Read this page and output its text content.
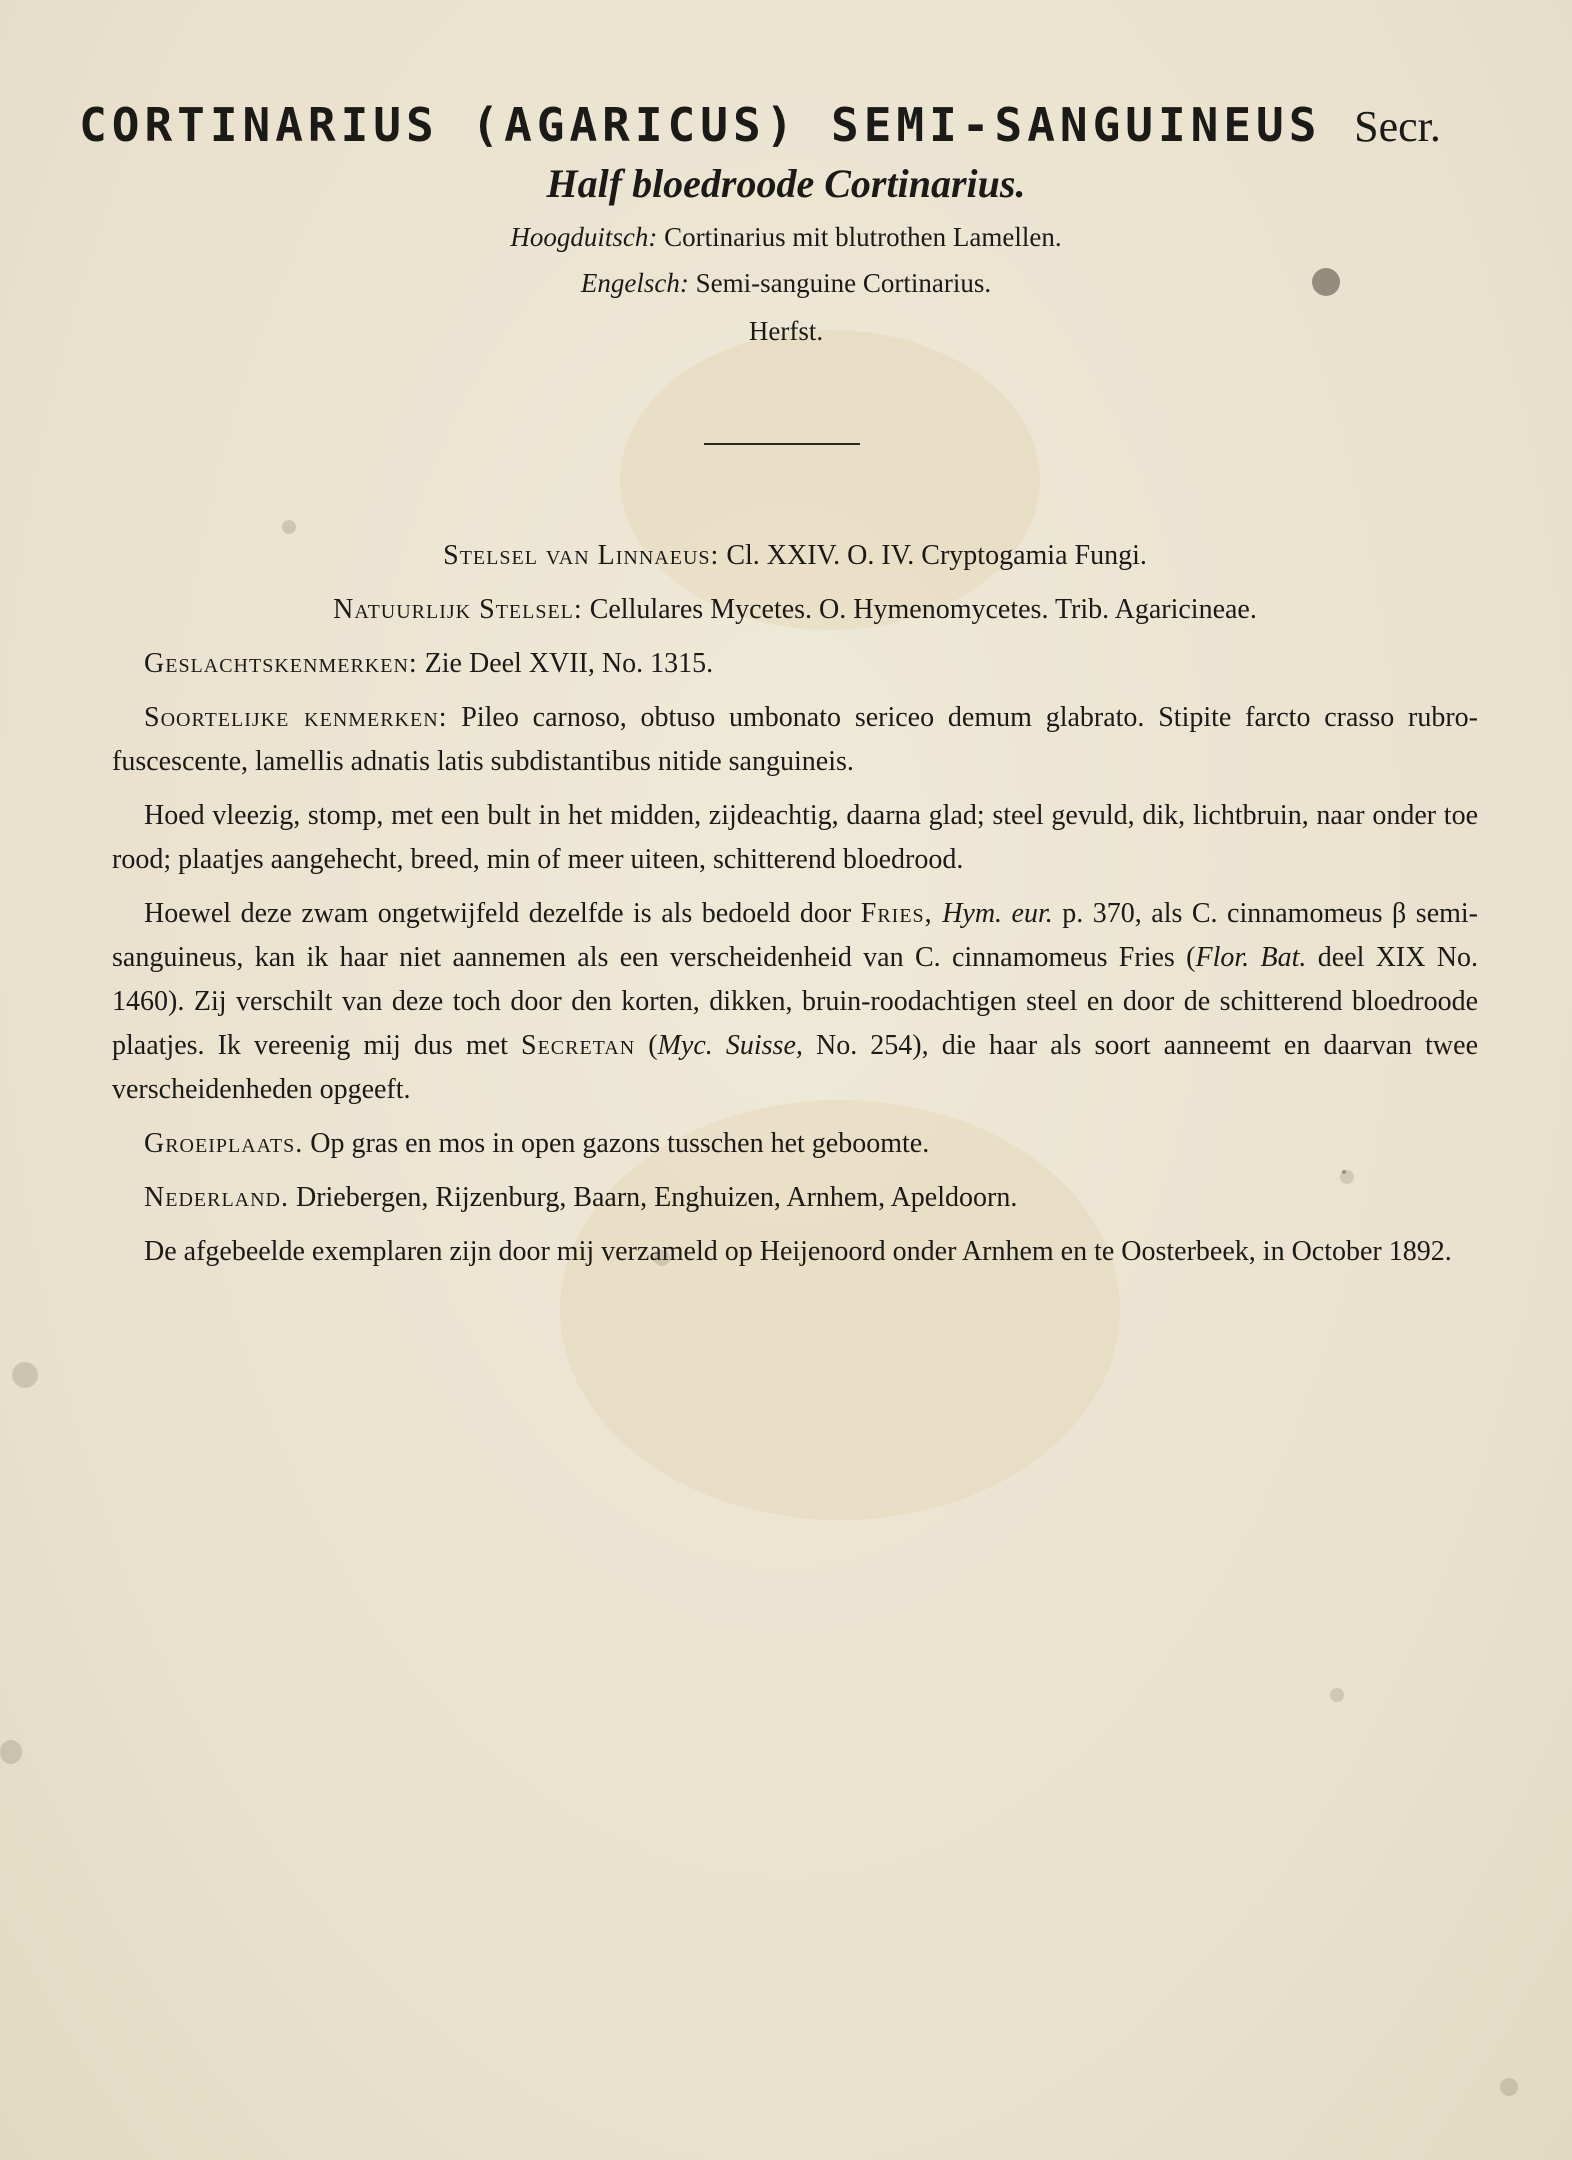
CORTINARIUS (AGARICUS) SEMI-SANGUINEUS Secr.
Half bloedroode Cortinarius.
Hoogduitsch: Cortinarius mit blutrothen Lamellen.
Engelsch: Semi-sanguine Cortinarius.
Herfst.

Stelsel van Linnaeus: Cl. XXIV. O. IV. Cryptogamia Fungi.

Natuurlijk Stelsel: Cellulares Mycetes. O. Hymenomycetes. Trib. Agaricineae.

Geslachtskenmerken: Zie Deel XVII, No. 1315.

Soortelijke kenmerken: Pileo carnoso, obtuso umbonato sericeo demum glabrato. Stipite farcto crasso rubro-fuscescente, lamellis adnatis latis subdistantibus nitide sanguineis.

Hoed vleezig, stomp, met een bult in het midden, zijdeachtig, daarna glad; steel gevuld, dik, lichtbruin, naar onder toe rood; plaatjes aangehecht, breed, min of meer uiteen, schitterend bloedrood.

Hoewel deze zwam ongetwijfeld dezelfde is als bedoeld door Fries, Hym. eur. p. 370, als C. cinnamomeus β semi-sanguineus, kan ik haar niet aannemen als een verscheidenheid van C. cinnamomeus Fries (Flor. Bat. deel XIX No. 1460). Zij verschilt van deze toch door den korten, dikken, bruin-roodachtigen steel en door de schitterend bloedroode plaatjes. Ik vereenig mij dus met Secretan (Myc. Suisse, No. 254), die haar als soort aanneemt en daarvan twee verscheidenheden opgeeft.

Groeiplaats. Op gras en mos in open gazons tusschen het geboomte.

Nederland. Driebergen, Rijzenburg, Baarn, Enghuizen, Arnhem, Apeldoorn.

De afgebeelde exemplaren zijn door mij verzameld op Heijenoord onder Arnhem en te Oosterbeek, in October 1892.
